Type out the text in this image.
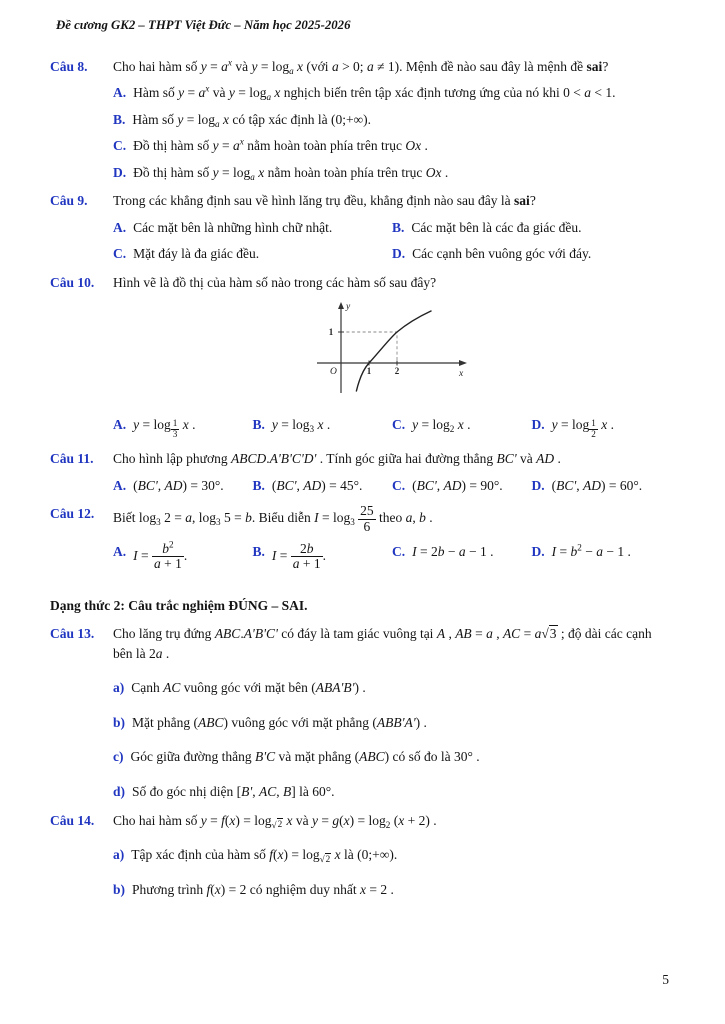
Đề cương GK2 – THPT Việt Đức – Năm học 2025-2026
Câu 8.	Cho hai hàm số $y = a^x$ và $y = \log_a x$ (với a > 0; a ≠ 1). Mệnh đề nào sau đây là mệnh đề sai?
A. Hàm số $y = a^x$ và $y = \log_a x$ nghịch biến trên tập xác định tương ứng của nó khi 0 < a < 1.
B. Hàm số $y = \log_a x$ có tập xác định là (0;+∞).
C. Đồ thị hàm số $y = a^x$ nằm hoàn toàn phía trên trục Ox .
D. Đồ thị hàm số $y = \log_a x$ nằm hoàn toàn phía trên trục Ox .
Câu 9.	Trong các khẳng định sau về hình lăng trụ đều, khẳng định nào sau đây là sai?
A. Các mặt bên là những hình chữ nhật.	B. Các mặt bên là các đa giác đều.
C. Mặt đáy là đa giác đều.	D. Các cạnh bên vuông góc với đáy.
Câu 10.	Hình vẽ là đồ thị của hàm số nào trong các hàm số sau đây?
y
x
O
1
1	2
A. y = log $_{\frac{1}{3}}$ x .	B. $y = \log_3 x$ .	C. $y = \log_2 x$ .	D. y = log $_{\frac{1}{2}}$ x .
Câu 11.	Cho hình lập phương ABCD.A'B'C'D' . Tính góc giữa hai đường thẳng BC' và AD .
A. (BC', AD) = 30°. B. (BC', AD) = 45°. C. (BC', AD) = 90°. D. (BC', AD) = 60°.
Câu 12.	Biết $\log_3 2 = a$, $\log_3 5 = b$. Biểu diễn $I = \log_3 \frac{25}{6}$ theo a, b .
A. $I = \frac{b^2}{a + 1}$ .	B. $I = \frac{2b}{a + 1}$ .	C. I = 2b − a − 1 .	D. $I = b^2 - a - 1$ .
Dạng thức 2: Câu trắc nghiệm ĐÚNG – SAI.
Câu 13.	Cho lăng trụ đứng ABC.A'B'C' có đáy là tam giác vuông tại A , AB = a , AC = a√3 ; độ dài các cạnh bên là 2a .
a) Cạnh AC vuông góc với mặt bên (ABA'B') .
b) Mặt phẳng (ABC) vuông góc với mặt phẳng (ABB'A') .
c) Góc giữa đường thẳng B'C và mặt phẳng (ABC) có số đo là 30° .
d) Số đo góc nhị diện [B', AC, B] là 60°.
Câu 14.	Cho hai hàm số $y = f(x) = \log_{√2} x$ và $y = g(x) = \log_2 (x + 2)$ .
a) Tập xác định của hàm số $f(x) = \log_{√2} x$ là (0;+∞).
b) Phương trình f(x) = 2 có nghiệm duy nhất x = 2 .
5
